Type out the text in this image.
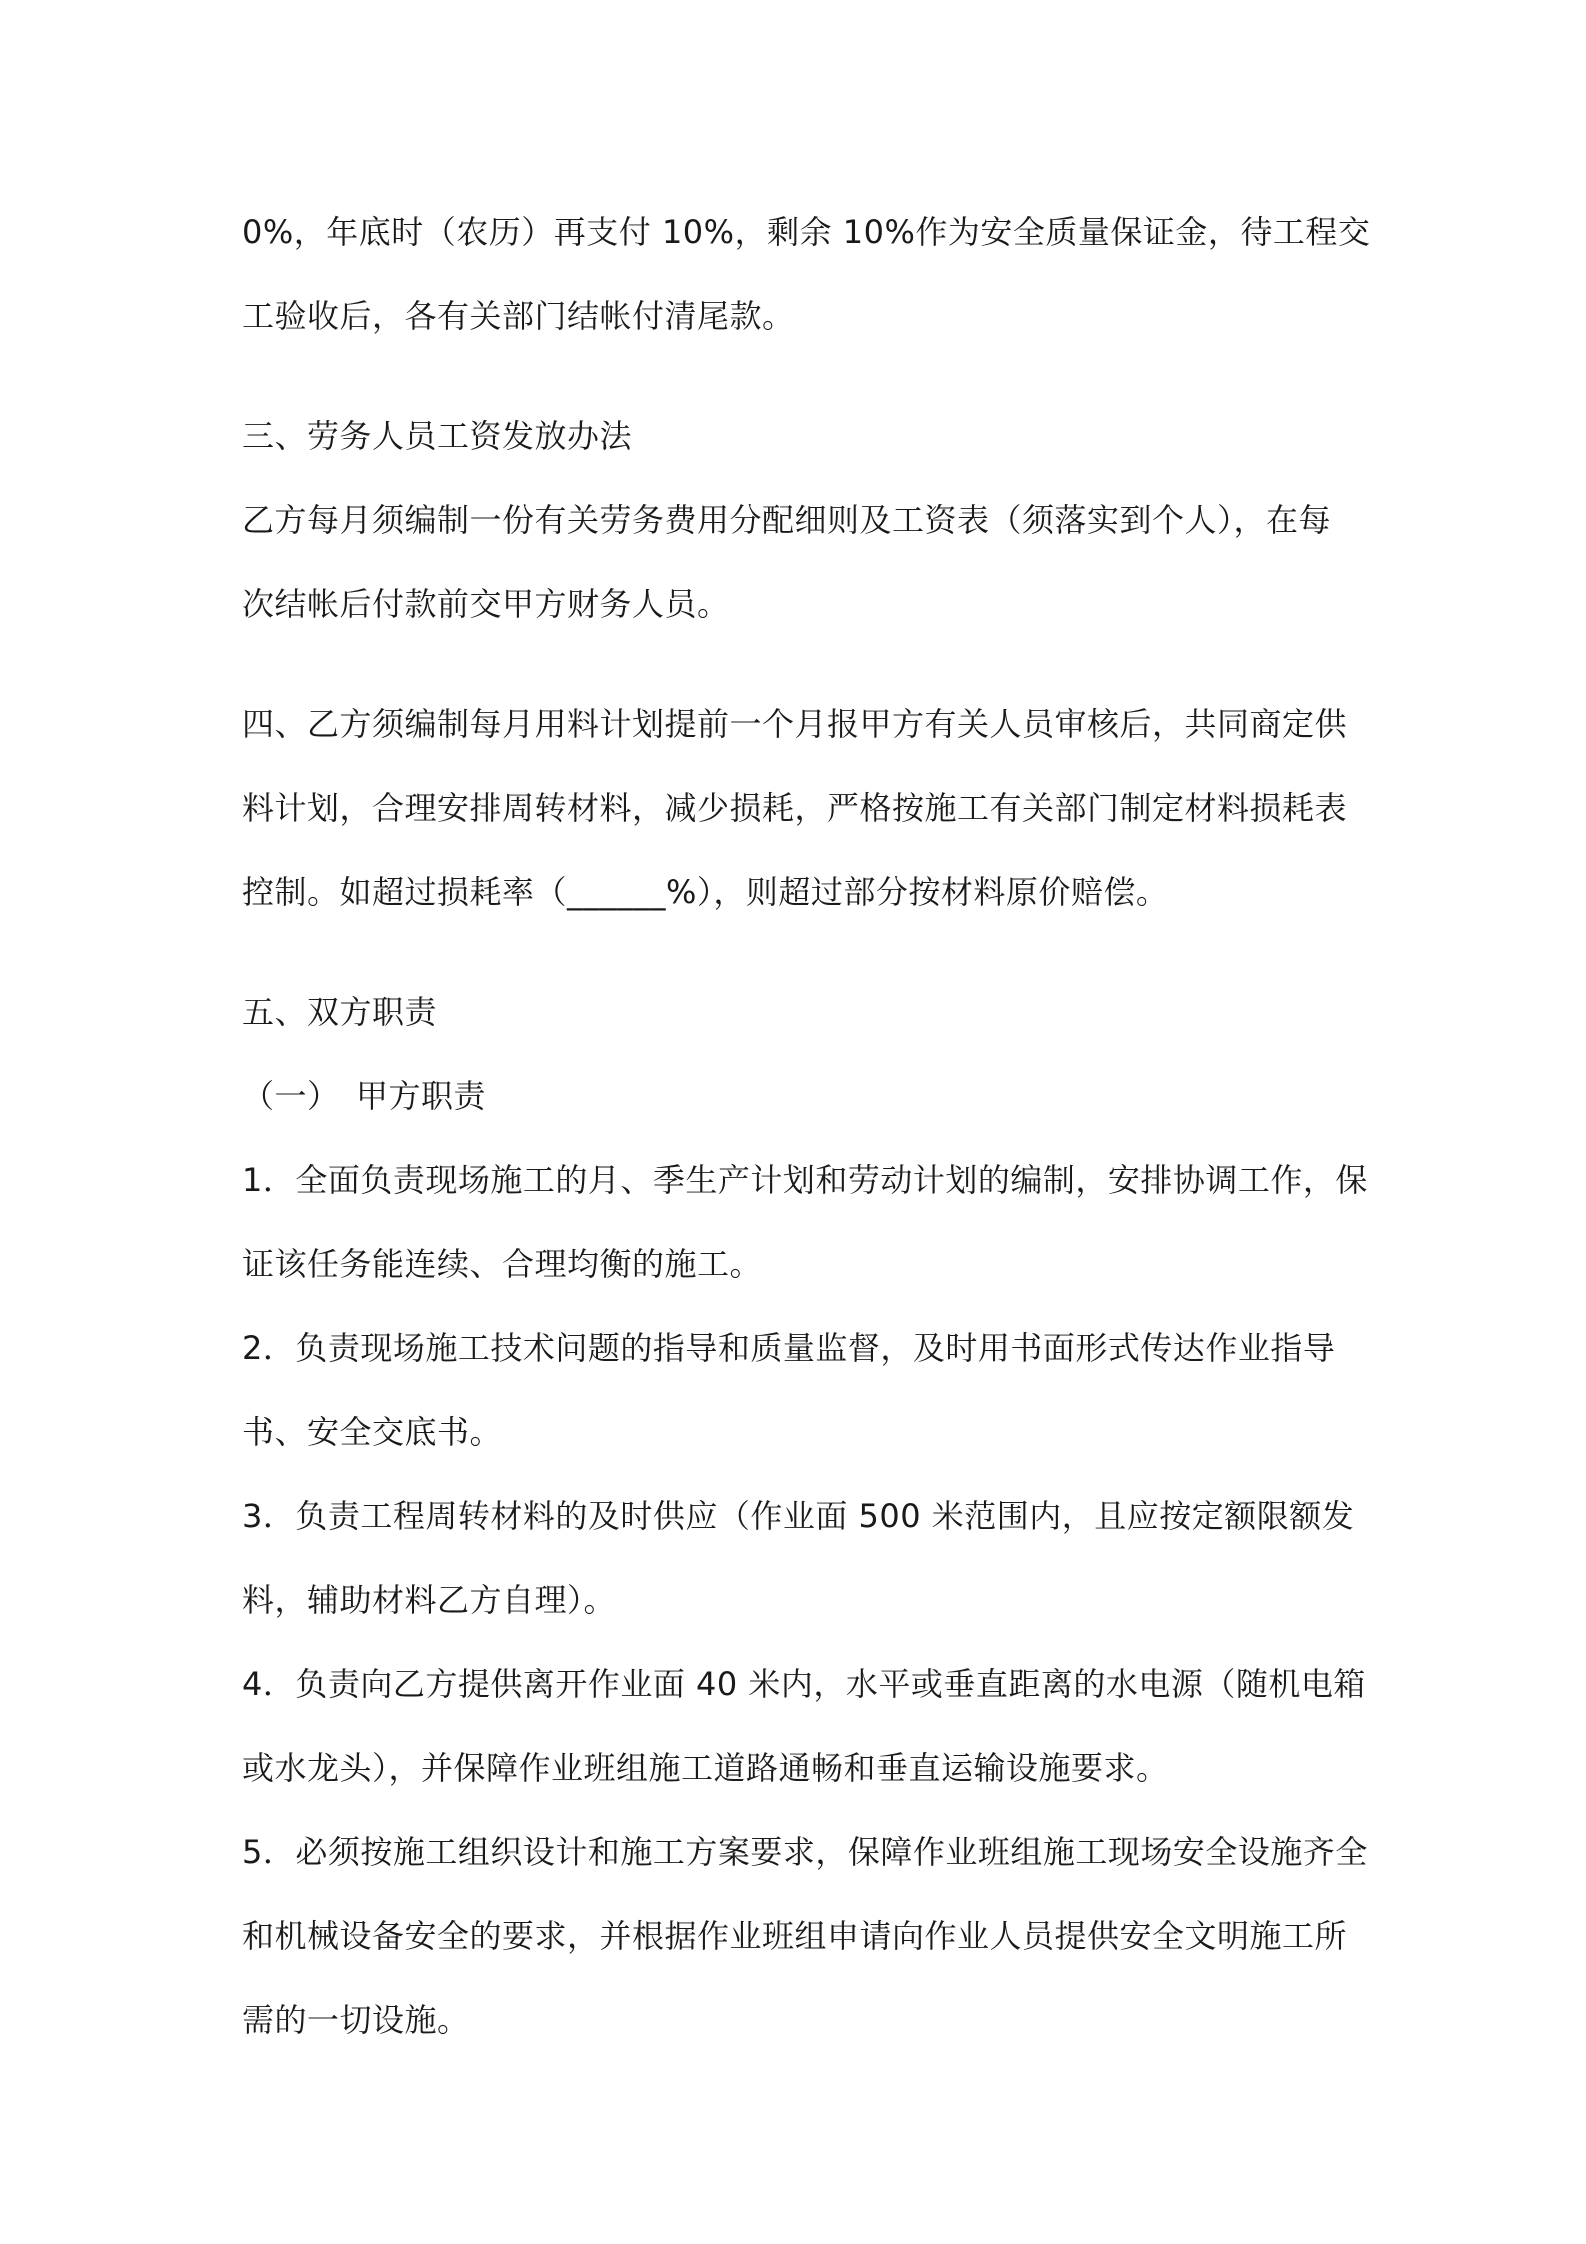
0%，年底时（农历）再支付 10%，剩余 10%作为安全质量保证金，待工程交

工验收后，各有关部门结帐付清尾款。

三、劳务人员工资发放办法

乙方每月须编制一份有关劳务费用分配细则及工资表（须落实到个人），在每

次结帐后付款前交甲方财务人员。

四、乙方须编制每月用料计划提前一个月报甲方有关人员审核后，共同商定供

料计划，合理安排周转材料，减少损耗，严格按施工有关部门制定材料损耗表

控制。如超过损耗率（______%），则超过部分按材料原价赔偿。

五、双方职责

（一）　甲方职责

1．全面负责现场施工的月、季生产计划和劳动计划的编制，安排协调工作，保

证该任务能连续、合理均衡的施工。

2．负责现场施工技术问题的指导和质量监督，及时用书面形式传达作业指导

书、安全交底书。

3．负责工程周转材料的及时供应（作业面 500 米范围内，且应按定额限额发

料，辅助材料乙方自理）。

4．负责向乙方提供离开作业面 40 米内，水平或垂直距离的水电源（随机电箱

或水龙头），并保障作业班组施工道路通畅和垂直运输设施要求。

5．必须按施工组织设计和施工方案要求，保障作业班组施工现场安全设施齐全

和机械设备安全的要求，并根据作业班组申请向作业人员提供安全文明施工所

需的一切设施。
